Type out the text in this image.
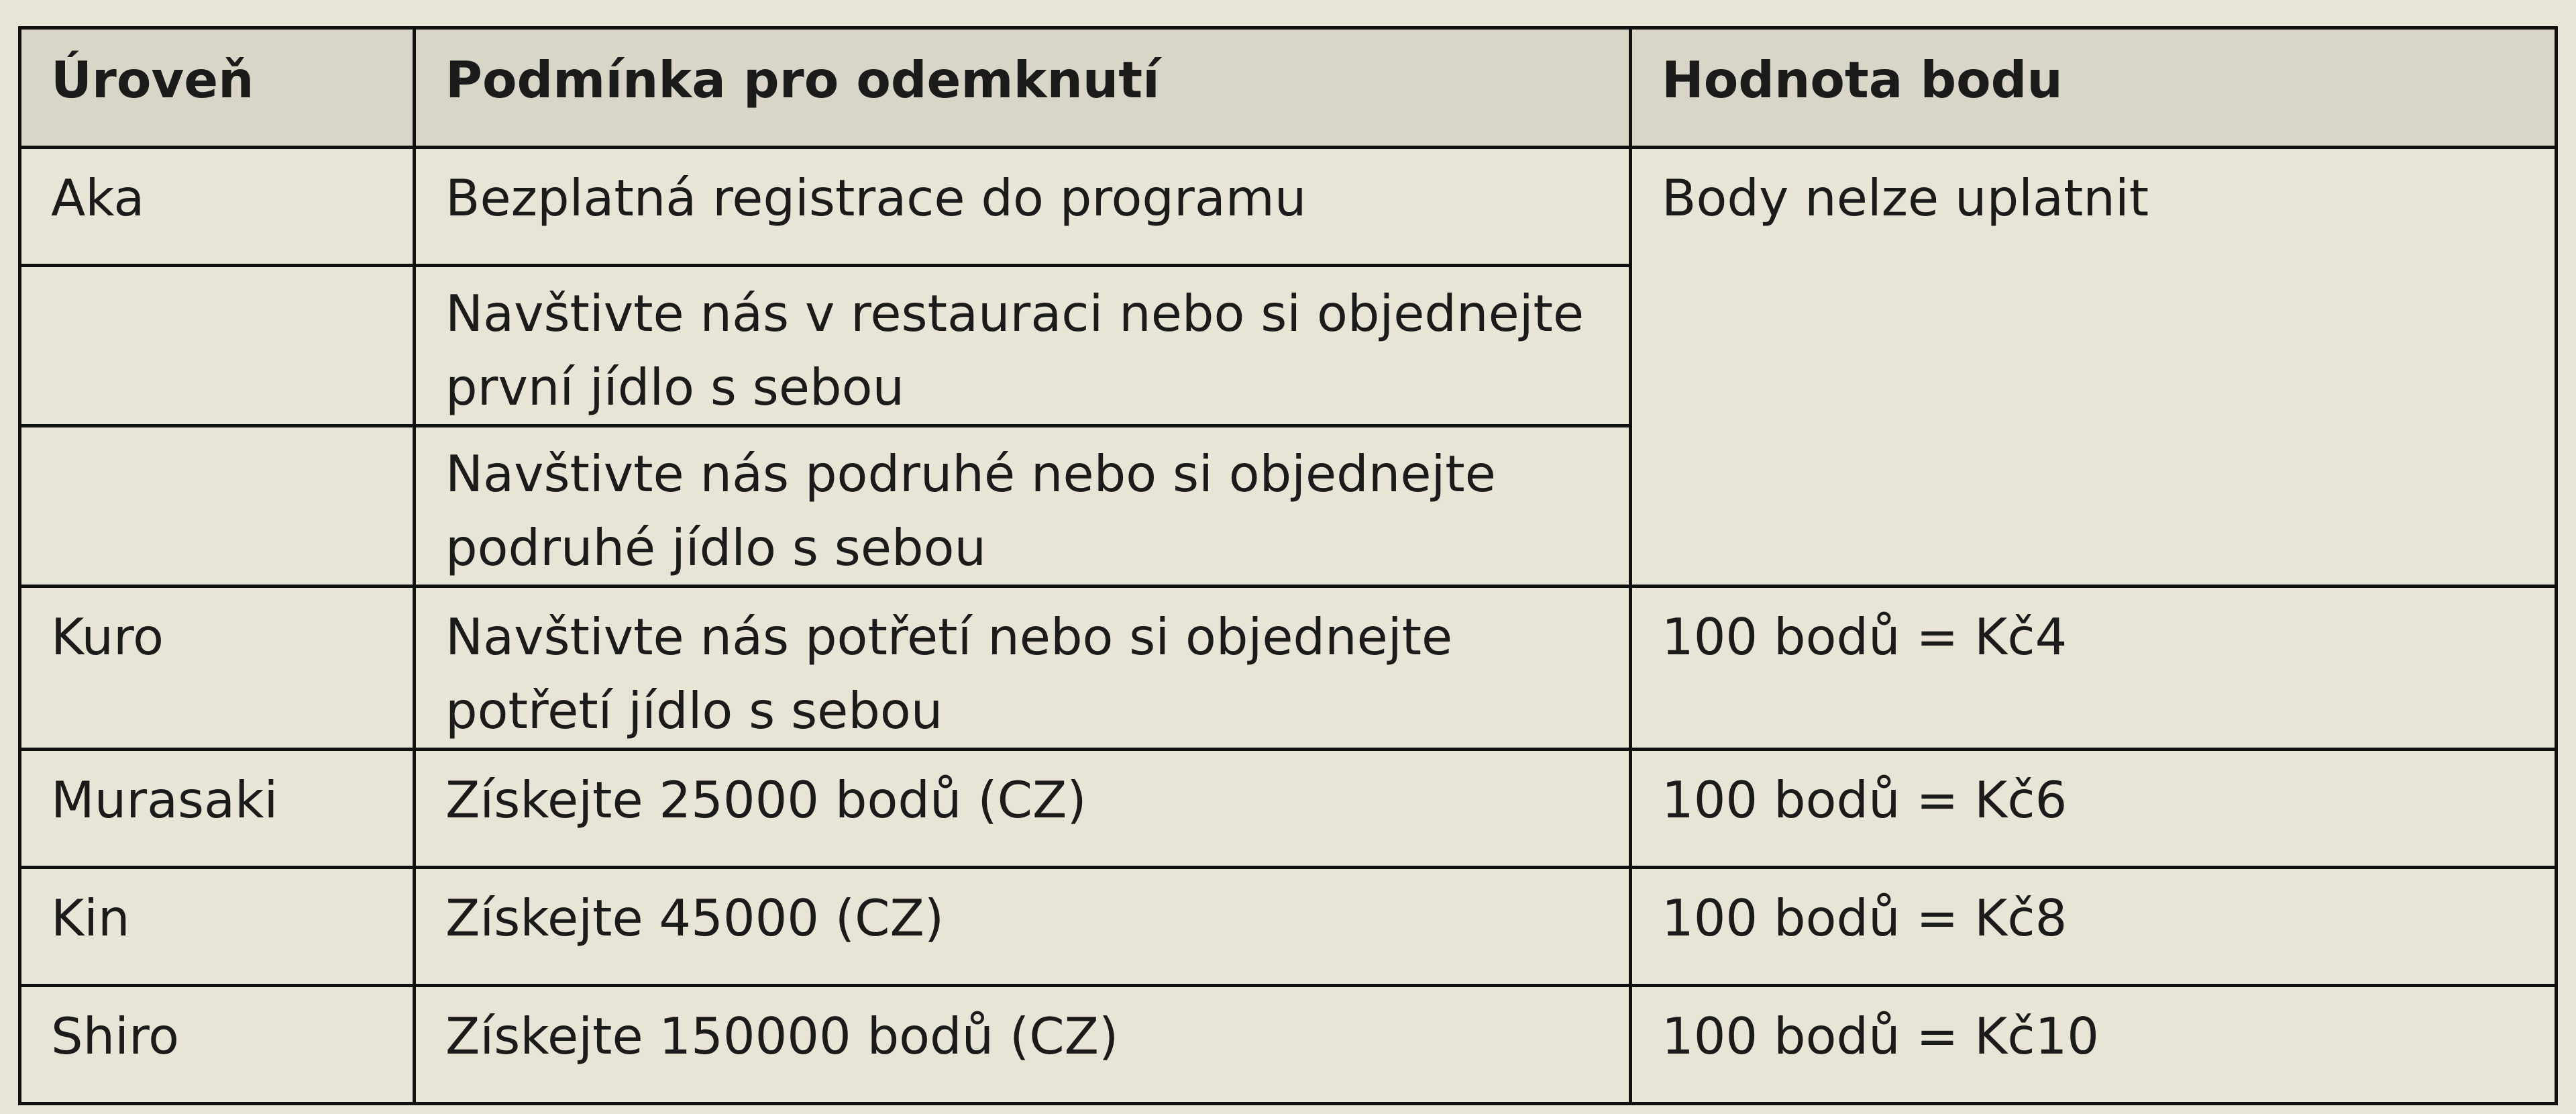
Úroveň	Podmínka pro odemknutí	Hodnota bodu
Aka	Bezplatná registrace do programu	Body nelze uplatnit
	Navštivte nás v restauraci nebo si objednejte první jídlo s sebou	
	Navštivte nás podruhé nebo si objednejte podruhé jídlo s sebou	
Kuro	Navštivte nás potřetí nebo si objednejte potřetí jídlo s sebou	100 bodů = Kč4
Murasaki	Získejte 25000 bodů (CZ)	100 bodů = Kč6
Kin	Získejte 45000 (CZ)	100 bodů = Kč8
Shiro	Získejte 150000 bodů (CZ)	100 bodů = Kč10
